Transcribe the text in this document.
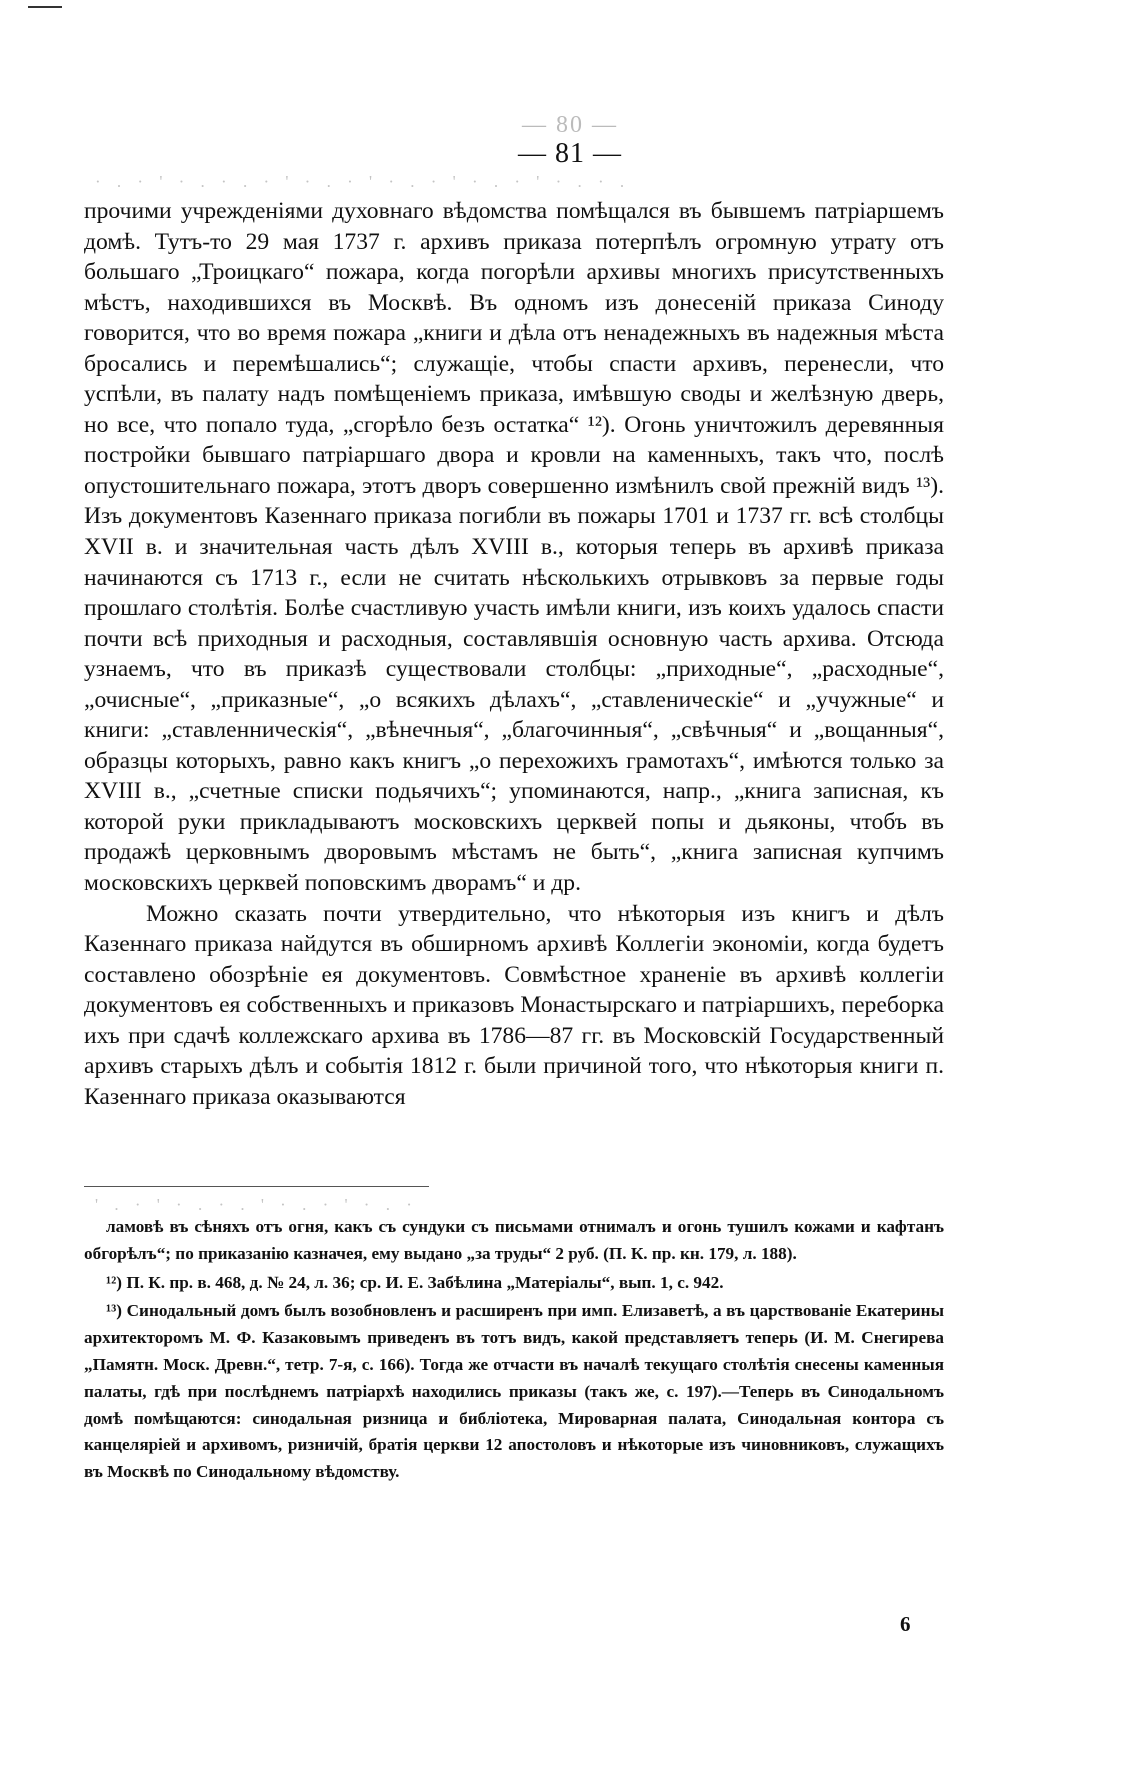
— 80 —
— 81 —
· . · ' · . · . · ' · . · ' · . · ' · . · ' · . · .

прочими учрежденіями духовнаго вѣдомства помѣщался въ бывшемъ патріаршемъ домѣ. Тутъ-то 29 мая 1737 г. архивъ приказа потерпѣлъ огромную утрату отъ большаго „Троицкаго“ пожара, когда погорѣли архивы многихъ присутственныхъ мѣстъ, находившихся въ Москвѣ. Въ одномъ изъ донесеній приказа Синоду говорится, что во время пожара „книги и дѣла отъ ненадежныхъ въ надежныя мѣста бросались и перемѣшались“; служащіе, чтобы спасти архивъ, перенесли, что успѣли, въ палату надъ помѣщеніемъ приказа, имѣвшую своды и желѣзную дверь, но все, что попало туда, „сгорѣло безъ остатка“ ¹²). Огонь уничтожилъ деревянныя постройки бывшаго патріаршаго двора и кровли на каменныхъ, такъ что, послѣ опустошительнаго пожара, этотъ дворъ совершенно измѣнилъ свой прежній видъ ¹³). Изъ документовъ Казеннаго приказа погибли въ пожары 1701 и 1737 гг. всѣ столбцы XVII в. и значительная часть дѣлъ XVIII в., которыя теперь въ архивѣ приказа начинаются съ 1713 г., если не считать нѣсколькихъ отрывковъ за первые годы прошлаго столѣтія. Болѣе счастливую участь имѣли книги, изъ коихъ удалось спасти почти всѣ приходныя и расходныя, составлявшія основную часть архива. Отсюда узнаемъ, что въ приказѣ существовали столбцы: „приходные“, „расходные“, „очисные“, „приказные“, „о всякихъ дѣлахъ“, „ставленическіе“ и „учужные“ и книги: „ставленническія“, „вѣнечныя“, „благочинныя“, „свѣчныя“ и „вощанныя“, образцы которыхъ, равно какъ книгъ „о перехожихъ грамотахъ“, имѣются только за XVIII в., „счетные списки подьячихъ“; упоминаются, напр., „книга записная, къ которой руки прикладываютъ московскихъ церквей попы и дьяконы, чтобъ въ продажѣ церковнымъ дворовымъ мѣстамъ не быть“, „книга записная купчимъ московскихъ церквей поповскимъ дворамъ“ и др.

Можно сказать почти утвердительно, что нѣкоторыя изъ книгъ и дѣлъ Казеннаго приказа найдутся въ обширномъ архивѣ Коллегіи экономіи, когда будетъ составлено обозрѣніе ея документовъ. Совмѣстное храненіе въ архивѣ коллегіи документовъ ея собственныхъ и приказовъ Монастырскаго и патріаршихъ, переборка ихъ при сдачѣ коллежскаго архива въ 1786—87 гг. въ Московскій Государственный архивъ старыхъ дѣлъ и событія 1812 г. были причиной того, что нѣкоторыя книги п. Казеннаго приказа оказываются

' . · ' · . · . ' · . · ' · . ·

ламовѣ въ сѣняхъ отъ огня, какъ съ сундуки съ письмами отнималъ и огонь тушилъ кожами и кафтанъ обгорѣлъ“; по приказанію казначея, ему выдано „за труды“ 2 руб. (П. К. пр. кн. 179, л. 188).

¹²) П. К. пр. в. 468, д. № 24, л. 36; ср. И. Е. Забѣлина „Матеріалы“, вып. 1, с. 942.

¹³) Синодальный домъ былъ возобновленъ и расширенъ при имп. Елизаветѣ, а въ царствованіе Екатерины архитекторомъ М. Ф. Казаковымъ приведенъ въ тотъ видъ, какой представляетъ теперь (И. М. Снегирева „Памятн. Моск. Древн.“, тетр. 7-я, с. 166). Тогда же отчасти въ началѣ текущаго столѣтія снесены каменныя палаты, гдѣ при послѣднемъ патріархѣ находились приказы (такъ же, с. 197).—Теперь въ Синодальномъ домѣ помѣщаются: синодальная ризница и библіотека, Мироварная палата, Синодальная контора съ канцеляріей и архивомъ, ризничій, братія церкви 12 апостоловъ и нѣкоторые изъ чиновниковъ, служащихъ въ Москвѣ по Синодальному вѣдомству.

6
